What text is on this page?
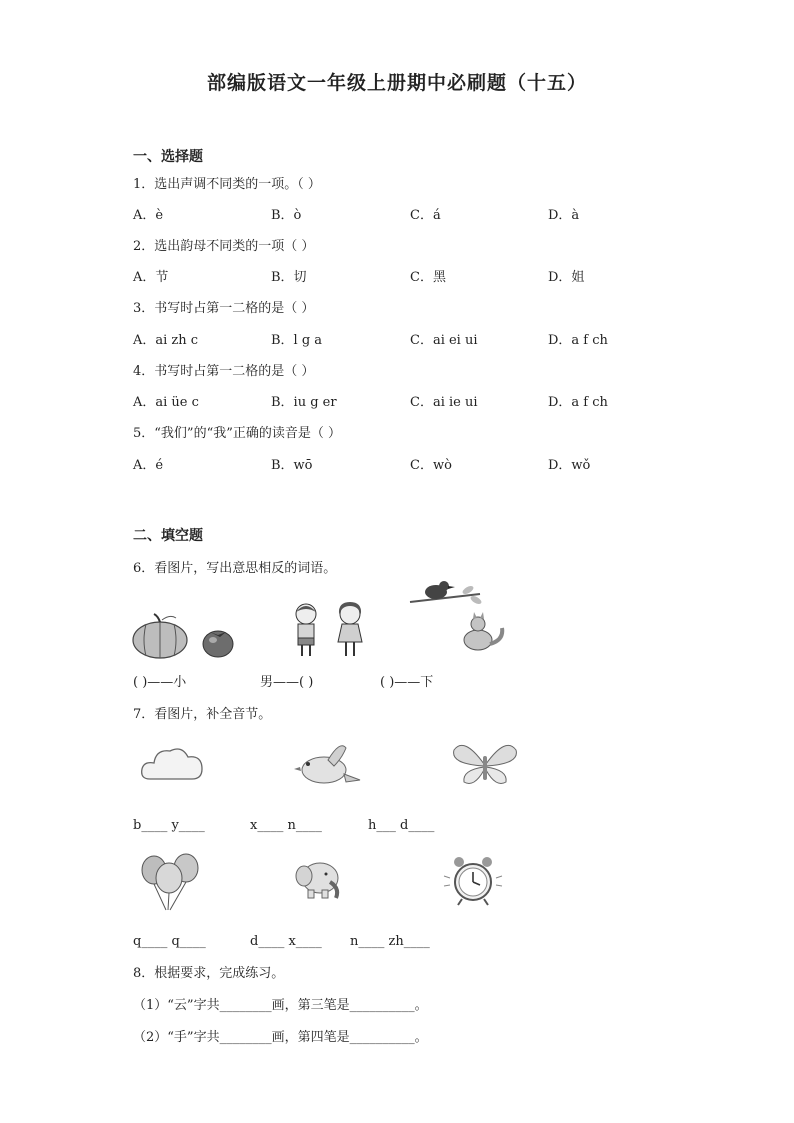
部编版语文一年级上册期中必刷题（十五）
一、选择题
1．选出声调不同类的一项。（ ）
A．è	B．ò	C．á	D．à
2．选出韵母不同类的一项（ ）
A．节	B．切	C．黑	D．姐
3．书写时占第一二格的是（ ）
A．ai zh c	B．l g a	C．ai ei ui	D．a f ch
4．书写时占第一二格的是（ ）
A．ai üe c	B．iu g er	C．ai ie ui	D．a f ch
5．“我们”的“我”正确的读音是（ ）
A．é	B．wō	C．wò	D．wǒ
二、填空题
6．看图片，写出意思相反的词语。
( )——小	男——( )	( )——下
7．看图片，补全音节。
b____ y____	x____ n____	h___ d____
q____ q____	d____ x____ n____ zh____
8．根据要求，完成练习。
（1）“云”字共________画，第三笔是__________。
（2）“手”字共________画，第四笔是__________。
